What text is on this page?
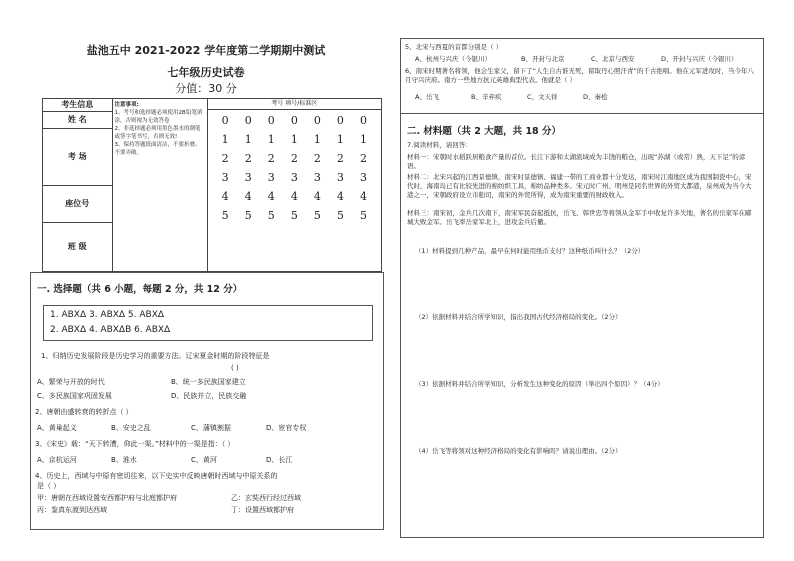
盐池五中 2021-2022 学年度第二学期期中测试
七年级历史试卷
分值：30 分
考生信息	注意事项:
1、考号和选择题必须使用2B铅笔填涂，否则视为无效答卷
2、非选择题必须用黑色墨水的钢笔或签字笔书写，否则无效!
3、保持答题纸面清洁，不要折叠、不要弄破。

考号 填号/标准区
0	0	0	0	0	0	0
1	1	1	1	1	1	1
2	2	2	2	2	2	2
3	3	3	3	3	3	3
4	4	4	4	4	4	4
5	5	5	5	5	5	5

姓 名
考 场
座位号
班 级
一. 选择题（共 6 小题，每题 2 分，共 12 分）
1. ABXΔ 3. ABXΔ 5. ABXΔ
2. ABXΔ 4. ABXΔB 6. ABXΔ
1、归纳历史发展阶段是历史学习的重要方法。辽宋夏金时期的阶段特征是
( )
A、繁荣与开放的时代	B、统一多民族国家建立
C、多民族国家巩固发展	D、民族并立，民族交融
2、唐朝由盛转衰的转折点（ ）
A、黄巢起义	B、安史之乱	C、藩镇割据	D、宦官专权
3、《宋史》载：“天下转漕，仰此一渠。”材料中的一渠是指：（ ）
A、京杭运河	B、淮水	C、黄河	D、长江
4、历史上，西域与中原有密切往来，以下史实中反映唐朝时西域与中原关系的
是（ ）
甲：唐朝在西域设置安西都护府与北庭都护府	乙：玄奘西行经过西域
丙：鉴真东渡到达西域	丁：设置西域都护府
5、北宋与西夏的首都分别是（ ）
A、杭州与兴庆（今银川）	B、开封与北京	C、北京与西安	D、开封与兴庆（今银川）
6、南宋时期著名将领，他会生家父，留下了“人生自古谁无死，留取丹心照汗青”的千古绝唱。他在元军进攻时，当今年八月守兴庆府。南方一些地方抗元英雄典型代表。他就是（ ）
A、岳飞	B、辛弃疾	C、文天祥	D、秦桧
二. 材料题（共 2 大题，共 18 分）
7.阅读材料，请回答：
材料一：宋朝时水稻跃居粮食产量的首位。长江下游和太湖流域成为丰饶的粮仓，出现“苏湖（或常）熟，天下足”的谚语。
材料二：北宋兴起的江西景德镇，南宋时景德镇、福建一带的工商业都十分发达，南宋时江南地区成为我国制瓷中心，宋代时，海南岛已有比较先进的棉纺织工具，棉纺品种类多。宋元时广州、明州是同名世界的外贸大都港，泉州成为当今大港之一，宋朝政府设立市舶司，南宋的外贸所得，成为南宋重要的财政收入。
材料三：南宋初，金兵几次南下，南宋军民奋起抵抗，岳飞、韩世忠等将领从金军手中收复许多失地，著名的岳家军在郾城大败金军。岳飞率岳家军北上，进攻金兵后撤。
（1）材料提到几种产品，最早在何时能用纸币支付？这种纸币叫什么？（2分）
（2）依据材料并结合所学知识，指出我国古代经济格局的变化。（2分）
（3）依据材料并结合所学知识，分析发生这种变化的原因（举出四个原因）？（4分）
（4）岳飞等将领对这种经济格局的变化有影响吗？请说出理由。（2分）
